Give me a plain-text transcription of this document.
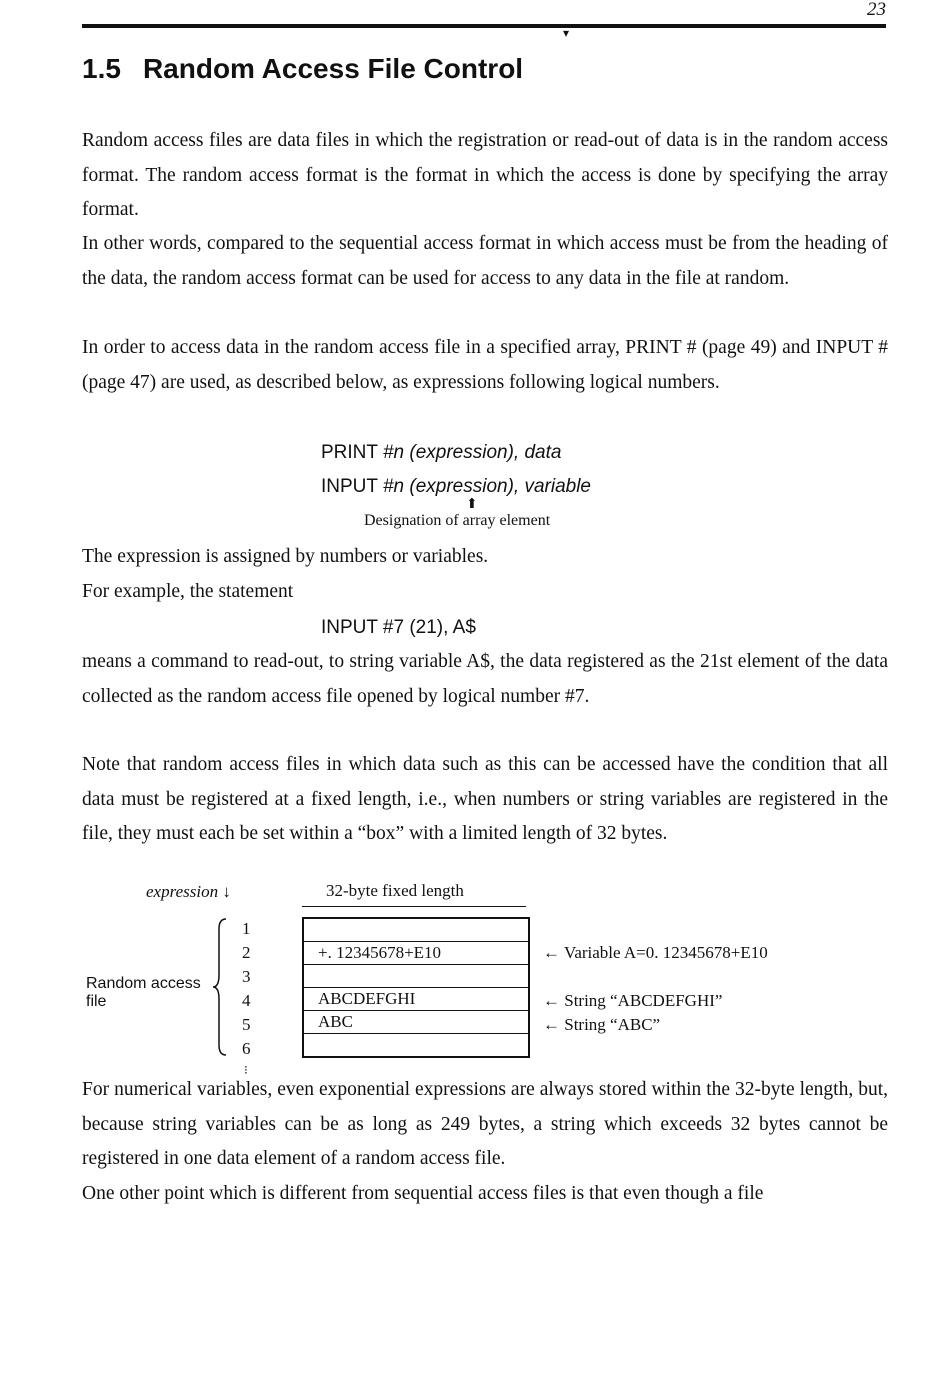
23
▾
1.5 Random Access File Control

Random access files are data files in which the registration or read-out of data is in the random access format. The random access format is the format in which the access is done by specifying the array format.

In other words, compared to the sequential access format in which access must be from the heading of the data, the random access format can be used for access to any data in the file at random.

In order to access data in the random access file in a specified array, PRINT # (page 49) and INPUT # (page 47) are used, as described below, as expressions following logical numbers.

PRINT #n (expression), data
INPUT #n (expression), variable
⬆
Designation of array element

The expression is assigned by numbers or variables.

For example, the statement

INPUT #7 (21), A$

means a command to read-out, to string variable A$, the data registered as the 21st element of the data collected as the random access file opened by logical number #7.

Note that random access files in which data such as this can be accessed have the condition that all data must be registered at a fixed length, i.e., when numbers or string variables are registered in the file, they must each be set within a “box” with a limited length of 32 bytes.

expression ↓	32-byte fixed length
Random access
file
1
2
3
4
5
6
+. 12345678+E10
ABCDEFGHI
ABC
← Variable A=0. 12345678+E10
← String “ABCDEFGHI”
← String “ABC”
⁝

For numerical variables, even exponential expressions are always stored within the 32-byte length, but, because string variables can be as long as 249 bytes, a string which exceeds 32 bytes cannot be registered in one data element of a random access file.

One other point which is different from sequential access files is that even though a file
